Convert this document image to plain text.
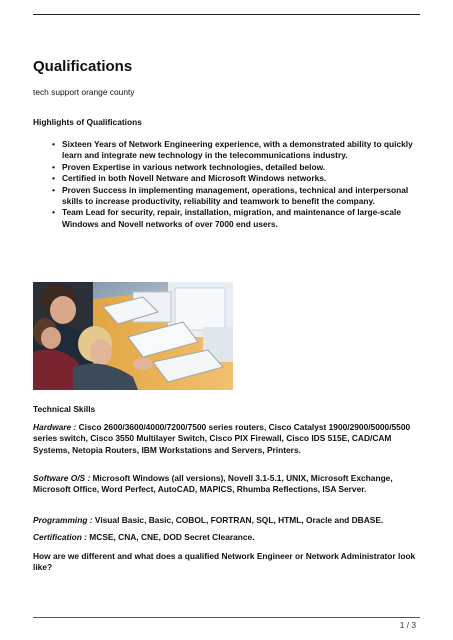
Qualifications
tech support orange county
Highlights of Qualifications
• Sixteen Years of Network Engineering experience, with a demonstrated ability to quickly learn and integrate new technology in the telecommunications industry.
• Proven Expertise in various network technologies, detailed below.
• Certified in both Novell Netware and Microsoft Windows networks.
• Proven Success in implementing management, operations, technical and interpersonal skills to increase productivity, reliability and teamwork to benefit the company.
• Team Lead for security, repair, installation, migration, and maintenance of large-scale Windows and Novell networks of over 7000 end users.
Technical Skills
Hardware : Cisco 2600/3600/4000/7200/7500 series routers, Cisco Catalyst 1900/2900/5000/5500 series switch, Cisco 3550 Multilayer Switch, Cisco PIX Firewall, Cisco IDS 515E, CAD/CAM Systems, Netopia Routers, IBM Workstations and Servers, Printers.
Software O/S : Microsoft Windows (all versions), Novell 3.1-5.1, UNIX, Microsoft Exchange, Microsoft Office, Word Perfect, AutoCAD, MAPICS, Rhumba Reflections, ISA Server.
Programming : Visual Basic, Basic, COBOL, FORTRAN, SQL, HTML, Oracle and DBASE.
Certification : MCSE, CNA, CNE, DOD Secret Clearance.
How are we different and what does a qualified Network Engineer or Network Administrator look like?
1 / 3
